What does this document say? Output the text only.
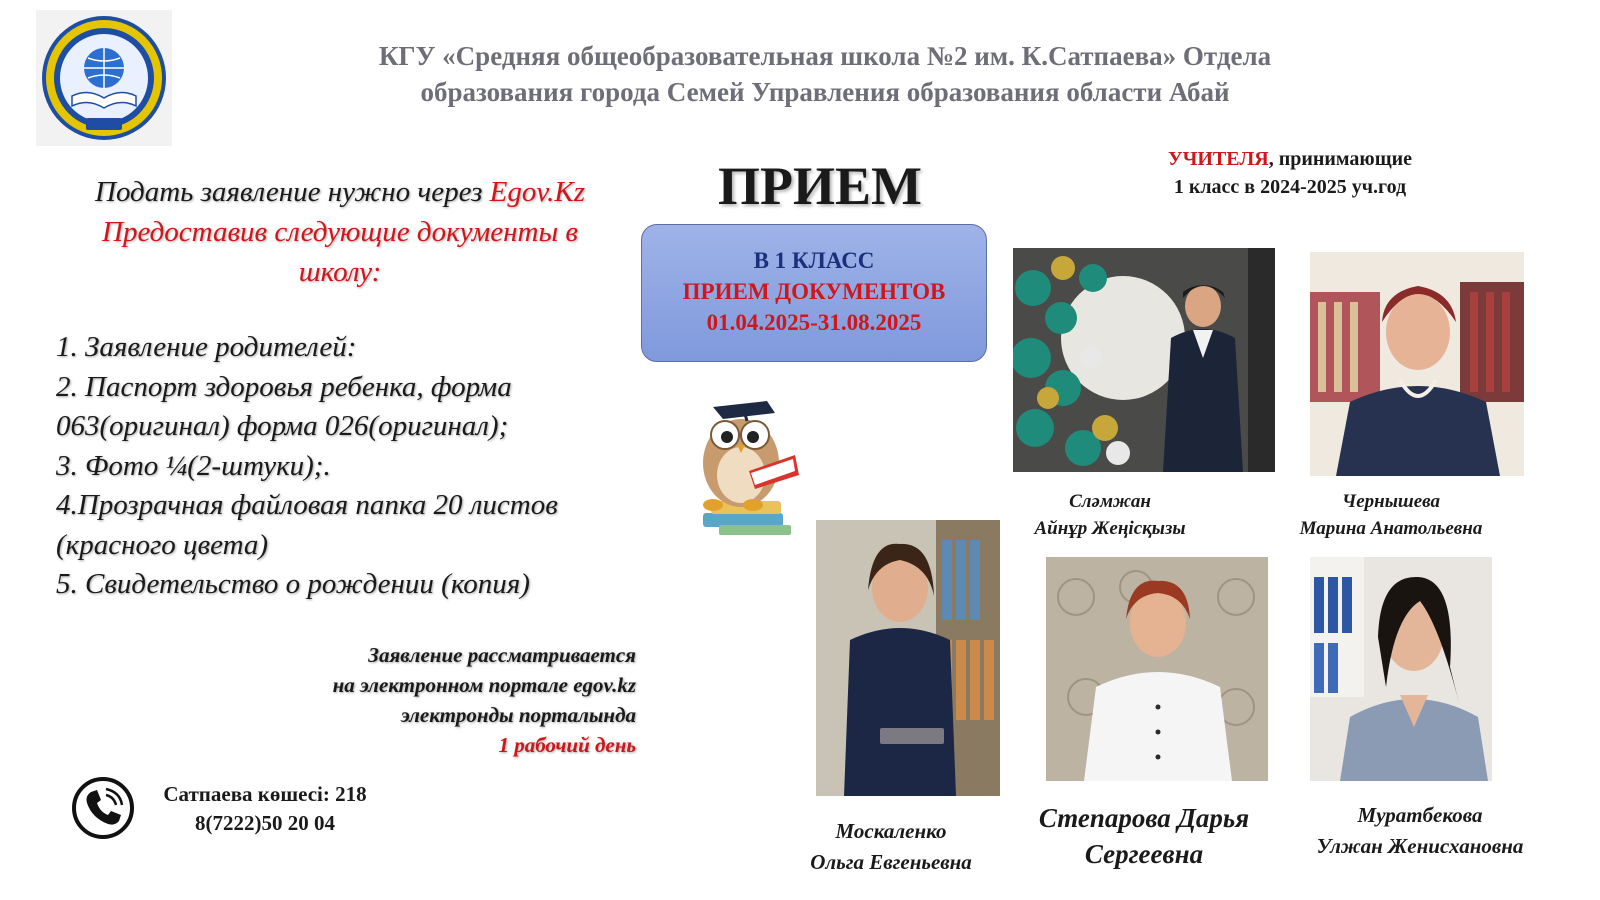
КГУ «Средняя общеобразовательная школа №2 им. К.Сатпаева» Отдела
образования города Семей Управления образования области Абай
Подать заявление нужно через Egov.Kz
Предоставив следующие документы в
школу:
1. Заявление родителей:
2. Паспорт здоровья ребенка, форма 063(оригинал) форма 026(оригинал);
3. Фото ¼(2-штуки);.
4.Прозрачная файловая папка 20 листов (красного цвета)
5. Свидетельство о рождении (копия)
Заявление рассматривается
на электронном портале egov.kz
электронды порталында
1 рабочий день
Сатпаева көшесі: 218
8(7222)50 20 04
ПРИЕМ
В 1 КЛАСС
ПРИЕМ ДОКУМЕНТОВ
01.04.2025-31.08.2025
УЧИТЕЛЯ, принимающие
1 класс в 2024-2025 уч.год
Сләмжан
Айнұр Жеңісқызы
Чернышева
Марина Анатольевна
Москаленко
Ольга Евгеньевна
Степарова Дарья
Сергеевна
Муратбекова
Улжан Женисхановна
